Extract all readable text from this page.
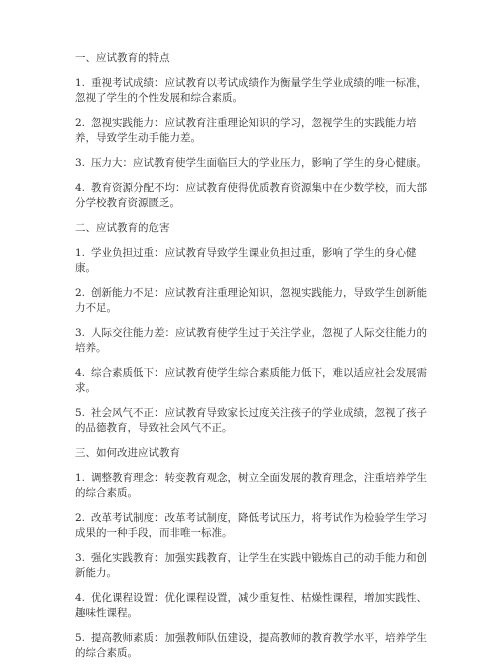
一、应试教育的特点

1. 重视考试成绩：应试教育以考试成绩作为衡量学生学业成绩的唯一标准，忽视了学生的个性发展和综合素质。

2. 忽视实践能力：应试教育注重理论知识的学习，忽视学生的实践能力培养，导致学生动手能力差。

3. 压力大：应试教育使学生面临巨大的学业压力，影响了学生的身心健康。

4. 教育资源分配不均：应试教育使得优质教育资源集中在少数学校，而大部分学校教育资源匮乏。

二、应试教育的危害

1. 学业负担过重：应试教育导致学生课业负担过重，影响了学生的身心健康。

2. 创新能力不足：应试教育注重理论知识，忽视实践能力，导致学生创新能力不足。

3. 人际交往能力差：应试教育使学生过于关注学业，忽视了人际交往能力的培养。

4. 综合素质低下：应试教育使学生综合素质能力低下，难以适应社会发展需求。

5. 社会风气不正：应试教育导致家长过度关注孩子的学业成绩，忽视了孩子的品德教育，导致社会风气不正。

三、如何改进应试教育

1. 调整教育理念：转变教育观念，树立全面发展的教育理念，注重培养学生的综合素质。

2. 改革考试制度：改革考试制度，降低考试压力，将考试作为检验学生学习成果的一种手段，而非唯一标准。

3. 强化实践教育：加强实践教育，让学生在实践中锻炼自己的动手能力和创新能力。

4. 优化课程设置：优化课程设置，减少重复性、枯燥性课程，增加实践性、趣味性课程。

5. 提高教师素质：加强教师队伍建设，提高教师的教育教学水平，培养学生的综合素质。
